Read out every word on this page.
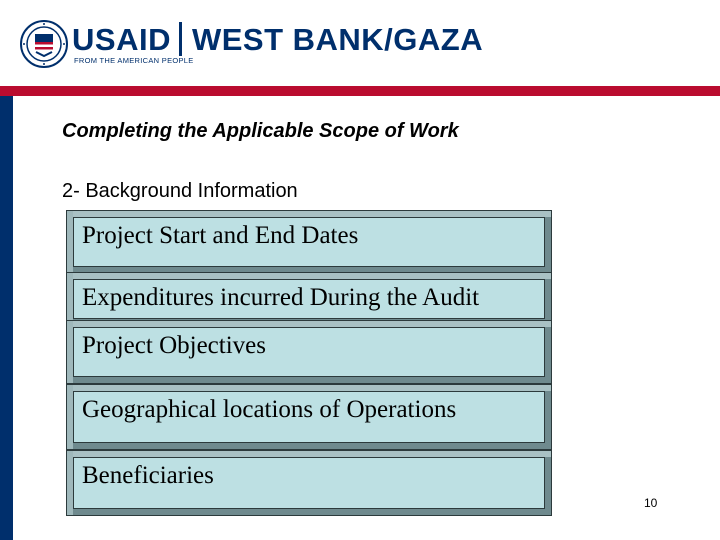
USAID WEST BANK/GAZA
FROM THE AMERICAN PEOPLE
Completing the Applicable Scope of Work
2- Background Information
Project Start and End Dates
Expenditures incurred During the Audit
Project Objectives
Geographical locations of Operations
Beneficiaries
10
